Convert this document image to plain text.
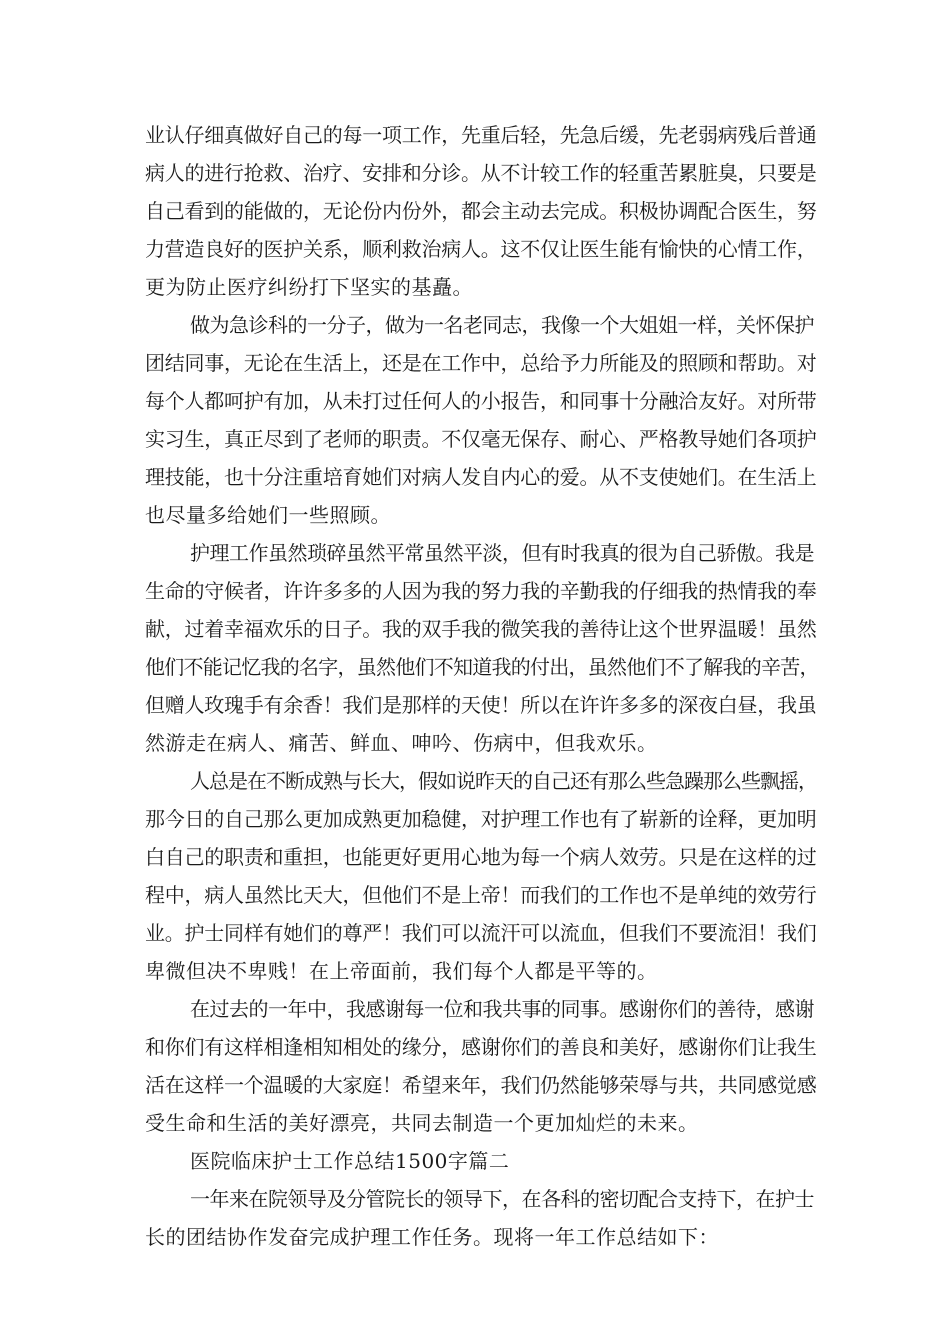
业认仔细真做好自己的每一项工作，先重后轻，先急后缓，先老弱病残后普通
病人的进行抢救、治疗、安排和分诊。从不计较工作的轻重苦累脏臭，只要是
自己看到的能做的，无论份内份外，都会主动去完成。积极协调配合医生，努
力营造良好的医护关系，顺利救治病人。这不仅让医生能有愉快的心情工作，
更为防止医疗纠纷打下坚实的基矗。
做为急诊科的一分子，做为一名老同志，我像一个大姐姐一样，关怀保护
团结同事，无论在生活上，还是在工作中，总给予力所能及的照顾和帮助。对
每个人都呵护有加，从未打过任何人的小报告，和同事十分融洽友好。对所带
实习生，真正尽到了老师的职责。不仅毫无保存、耐心、严格教导她们各项护
理技能，也十分注重培育她们对病人发自内心的爱。从不支使她们。在生活上
也尽量多给她们一些照顾。
护理工作虽然琐碎虽然平常虽然平淡，但有时我真的很为自己骄傲。我是
生命的守候者，许许多多的人因为我的努力我的辛勤我的仔细我的热情我的奉
献，过着幸福欢乐的日子。我的双手我的微笑我的善待让这个世界温暖！虽然
他们不能记忆我的名字，虽然他们不知道我的付出，虽然他们不了解我的辛苦，
但赠人玫瑰手有余香！我们是那样的天使！所以在许许多多的深夜白昼，我虽
然游走在病人、痛苦、鲜血、呻吟、伤病中，但我欢乐。
人总是在不断成熟与长大，假如说昨天的自己还有那么些急躁那么些飘摇，
那今日的自己那么更加成熟更加稳健，对护理工作也有了崭新的诠释，更加明
白自己的职责和重担，也能更好更用心地为每一个病人效劳。只是在这样的过
程中，病人虽然比天大，但他们不是上帝！而我们的工作也不是单纯的效劳行
业。护士同样有她们的尊严！我们可以流汗可以流血，但我们不要流泪！我们
卑微但决不卑贱！在上帝面前，我们每个人都是平等的。
在过去的一年中，我感谢每一位和我共事的同事。感谢你们的善待，感谢
和你们有这样相逢相知相处的缘分，感谢你们的善良和美好，感谢你们让我生
活在这样一个温暖的大家庭！希望来年，我们仍然能够荣辱与共，共同感觉感
受生命和生活的美好漂亮，共同去制造一个更加灿烂的未来。
医院临床护士工作总结1500字篇二
一年来在院领导及分管院长的领导下，在各科的密切配合支持下，在护士
长的团结协作发奋完成护理工作任务。现将一年工作总结如下：
